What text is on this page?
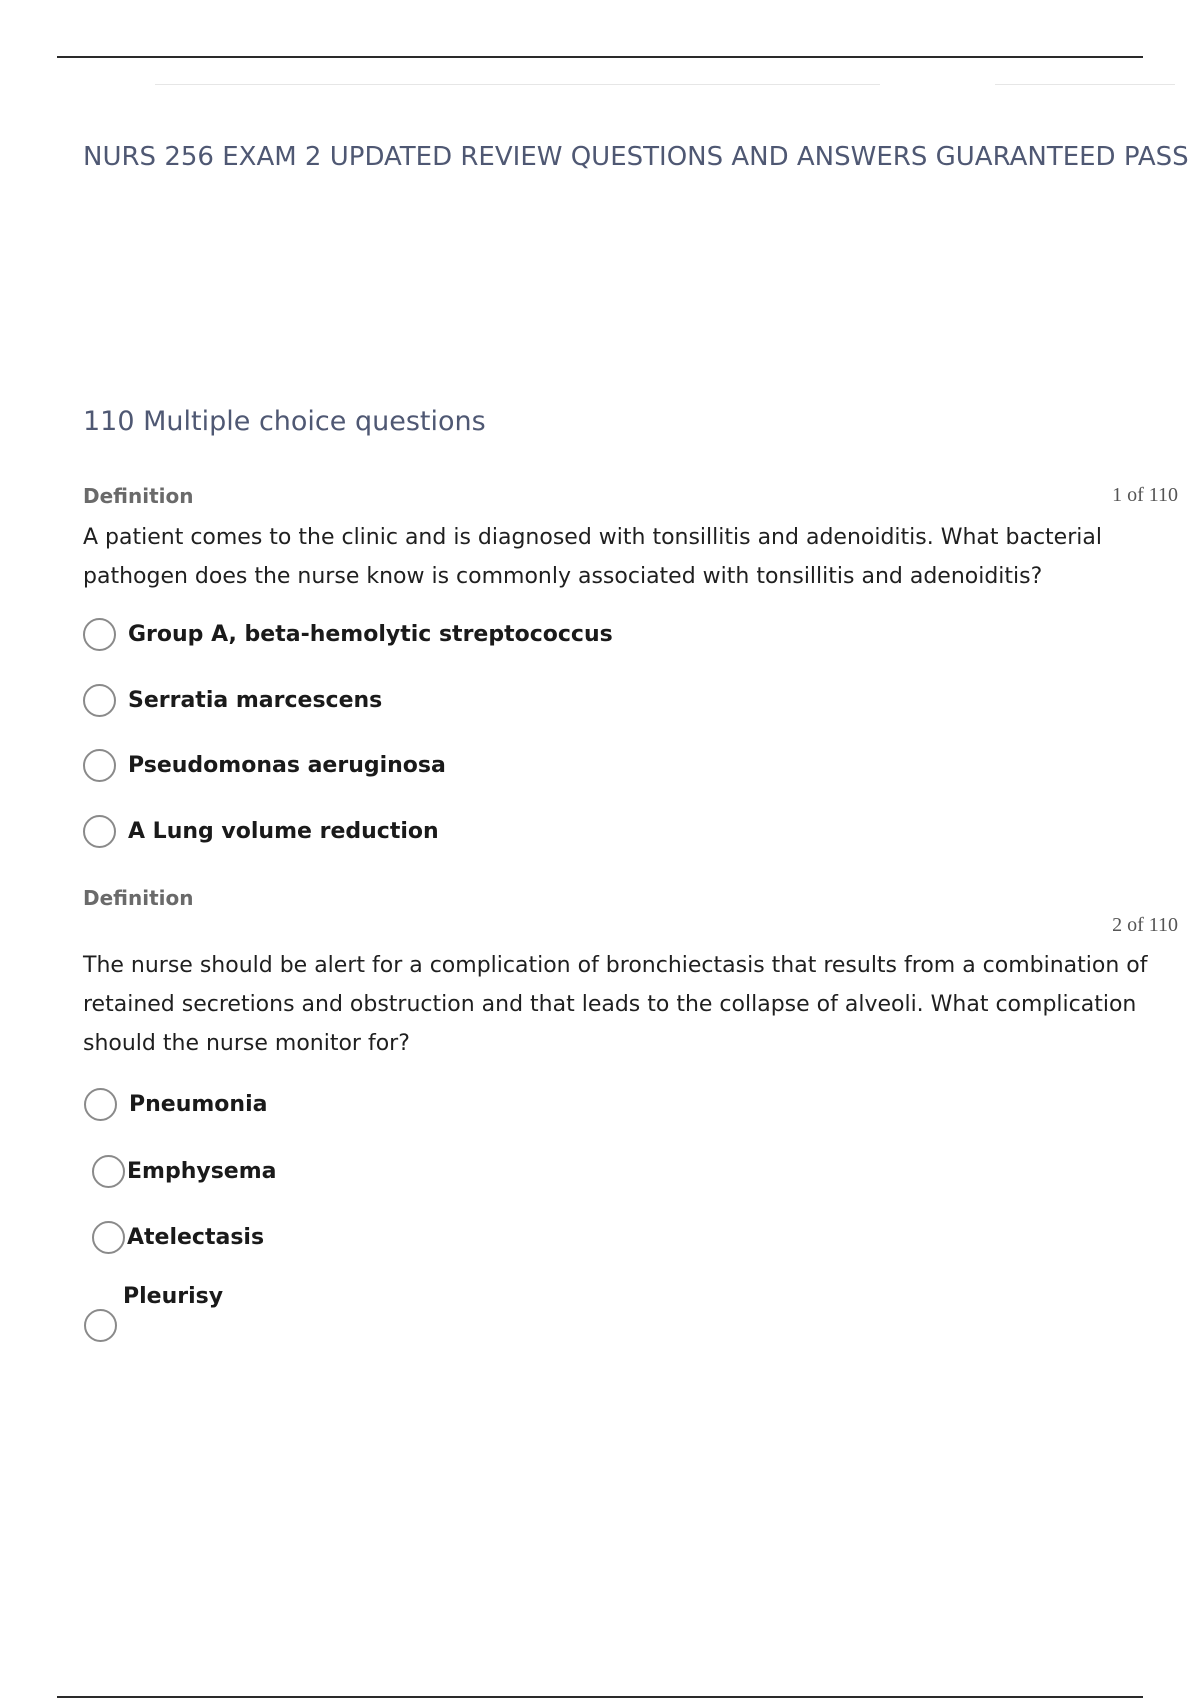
NURS 256 EXAM 2 UPDATED REVIEW QUESTIONS AND ANSWERS GUARANTEED PASS
110 Multiple choice questions
Definition	1 of 110

A patient comes to the clinic and is diagnosed with tonsillitis and adenoiditis. What bacterial pathogen does the nurse know is commonly associated with tonsillitis and adenoiditis?

Group A, beta-hemolytic streptococcus
Serratia marcescens
Pseudomonas aeruginosa
A Lung volume reduction
Definition
2 of 110

The nurse should be alert for a complication of bronchiectasis that results from a combination of retained secretions and obstruction and that leads to the collapse of alveoli. What complication should the nurse monitor for?

Pneumonia
Emphysema
Atelectasis
Pleurisy
